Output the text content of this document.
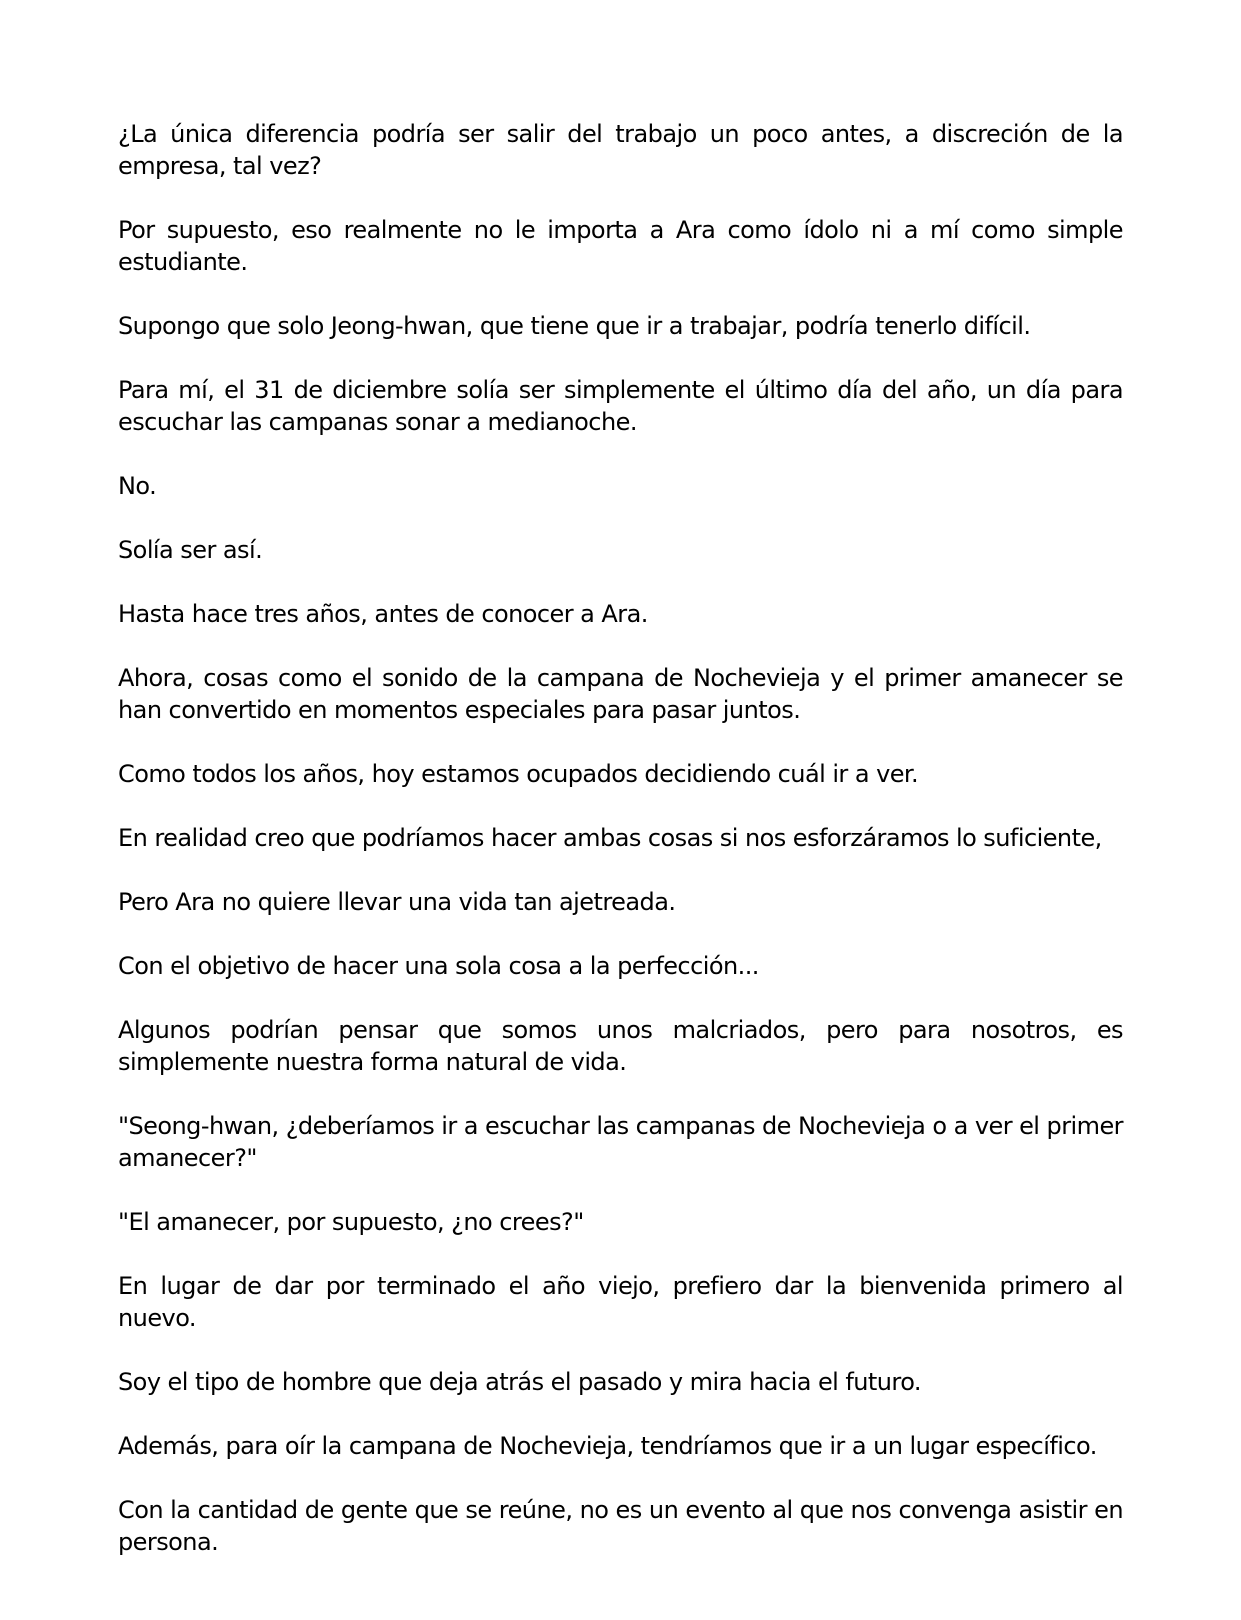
¿La única diferencia podría ser salir del trabajo un poco antes, a discreción de la empresa, tal vez?

Por supuesto, eso realmente no le importa a Ara como ídolo ni a mí como simple estudiante.

Supongo que solo Jeong-hwan, que tiene que ir a trabajar, podría tenerlo difícil.

Para mí, el 31 de diciembre solía ser simplemente el último día del año, un día para escuchar las campanas sonar a medianoche.

No.

Solía ser así.

Hasta hace tres años, antes de conocer a Ara.

Ahora, cosas como el sonido de la campana de Nochevieja y el primer amanecer se han convertido en momentos especiales para pasar juntos.

Como todos los años, hoy estamos ocupados decidiendo cuál ir a ver.

En realidad creo que podríamos hacer ambas cosas si nos esforzáramos lo suficiente,

Pero Ara no quiere llevar una vida tan ajetreada.

Con el objetivo de hacer una sola cosa a la perfección...

Algunos podrían pensar que somos unos malcriados, pero para nosotros, es simplemente nuestra forma natural de vida.

"Seong-hwan, ¿deberíamos ir a escuchar las campanas de Nochevieja o a ver el primer amanecer?"

"El amanecer, por supuesto, ¿no crees?"

En lugar de dar por terminado el año viejo, prefiero dar la bienvenida primero al nuevo.

Soy el tipo de hombre que deja atrás el pasado y mira hacia el futuro.

Además, para oír la campana de Nochevieja, tendríamos que ir a un lugar específico.

Con la cantidad de gente que se reúne, no es un evento al que nos convenga asistir en persona.
